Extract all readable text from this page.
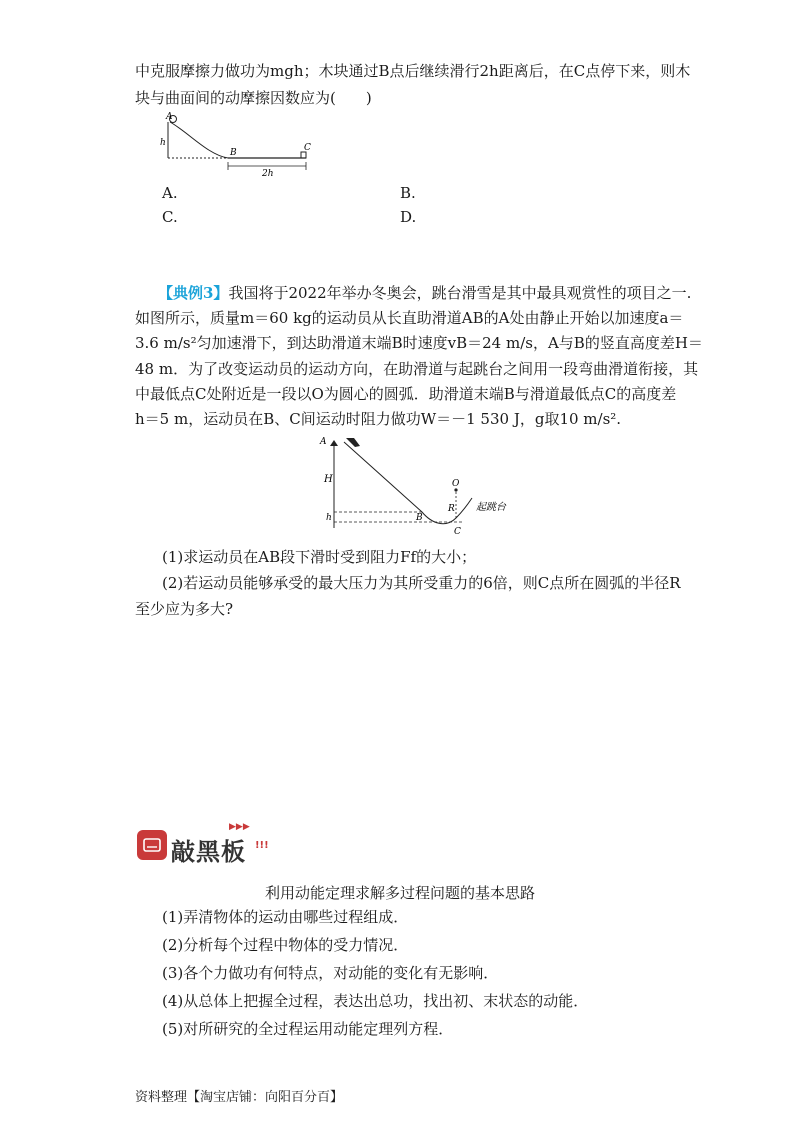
中克服摩擦力做功为mgh；木块通过B点后继续滑行2h距离后，在C点停下来，则木
块与曲面间的动摩擦因数应为(　　)
A
h
B	C
2h
A.	B.
C.	D.
【典例3】我国将于2022年举办冬奥会，跳台滑雪是其中最具观赏性的项目之一.
如图所示，质量m＝60 kg的运动员从长直助滑道AB的A处由静止开始以加速度a＝
3.6 m/s²匀加速滑下，到达助滑道末端B时速度vB＝24 m/s，A与B的竖直高度差H＝
48 m．为了改变运动员的运动方向，在助滑道与起跳台之间用一段弯曲滑道衔接，其
中最低点C处附近是一段以O为圆心的圆弧．助滑道末端B与滑道最低点C的高度差
h＝5 m，运动员在B、C间运动时阻力做功W＝－1 530 J，g取10 m/s².
A
H
h	B
C
O
R 起跳台
(1)求运动员在AB段下滑时受到阻力Ff的大小；
(2)若运动员能够承受的最大压力为其所受重力的6倍，则C点所在圆弧的半径R
至少应为多大?
▶▶▶
敲黑板 !!!
利用动能定理求解多过程问题的基本思路
(1)弄清物体的运动由哪些过程组成．
(2)分析每个过程中物体的受力情况．
(3)各个力做功有何特点，对动能的变化有无影响．
(4)从总体上把握全过程，表达出总功，找出初、末状态的动能．
(5)对所研究的全过程运用动能定理列方程．
资料整理【淘宝店铺：向阳百分百】
